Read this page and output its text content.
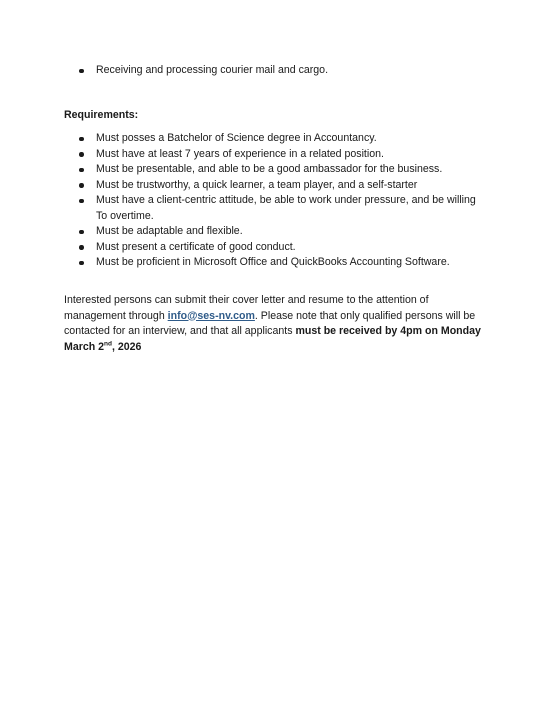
Receiving and processing courier mail and cargo.

Requirements:

Must posses a Batchelor of Science degree in Accountancy.
Must have at least 7 years of experience in a related position.
Must be presentable, and able to be a good ambassador for the business.
Must be trustworthy, a quick learner, a team player, and a self-starter
Must have a client-centric attitude, be able to work under pressure, and be willing To overtime.
Must be adaptable and flexible.
Must present a certificate of good conduct.
Must be proficient in Microsoft Office and QuickBooks Accounting Software.

Interested persons can submit their cover letter and resume to the attention of management through info@ses-nv.com. Please note that only qualified persons will be contacted for an interview, and that all applicants must be received by 4pm on Monday March 2nd, 2026
